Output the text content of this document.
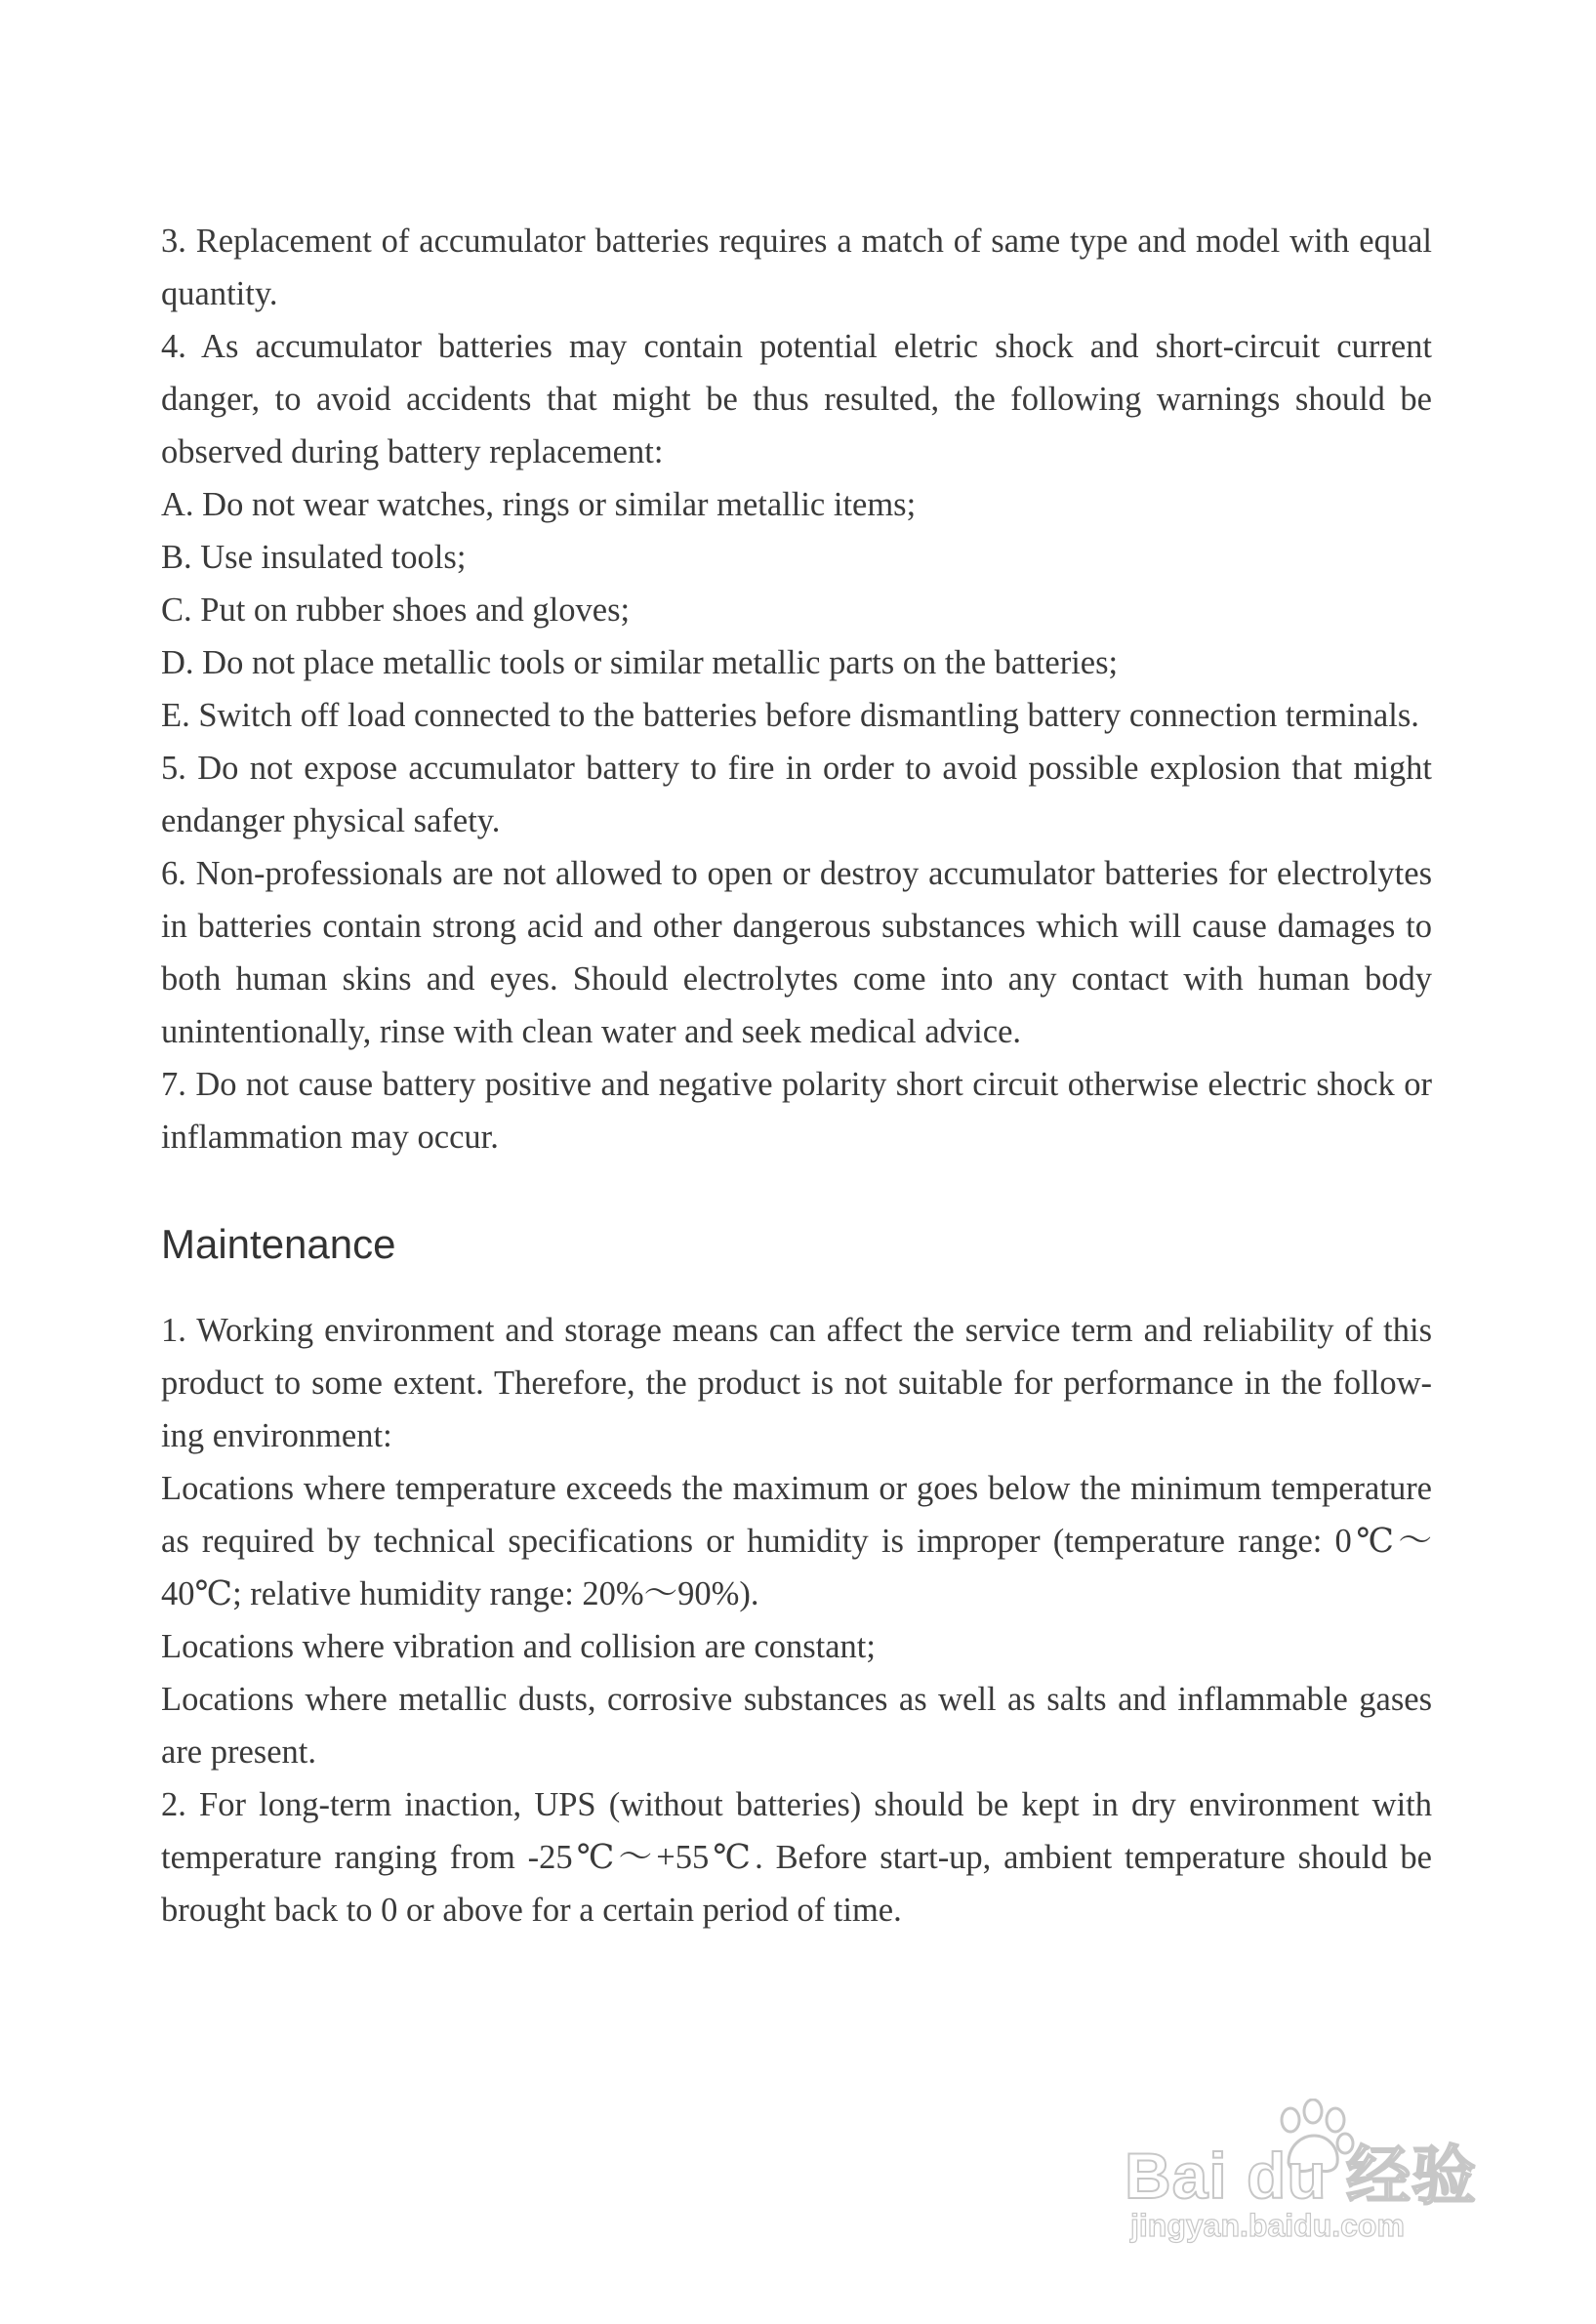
3. Replacement of accumulator batteries requires a match of same type and model with equal quantity.

4. As accumulator batteries may contain potential eletric shock and short-circuit current danger, to avoid accidents that might be thus resulted, the following warnings should be observed during battery replacement:

A. Do not wear watches, rings or similar metallic items;

B. Use insulated tools;

C. Put on rubber shoes and gloves;

D. Do not place metallic tools or similar metallic parts on the batteries;

E. Switch off load connected to the batteries before dismantling battery connection terminals.

5. Do not expose accumulator battery to fire in order to avoid possible explosion that might endanger physical safety.

6. Non-professionals are not allowed to open or destroy accumulator batteries for electrolytes in batteries contain strong acid and other dangerous substances which will cause damages to both human skins and eyes. Should electrolytes come into any contact with human body unintentionally, rinse with clean water and seek medical advice.

7. Do not cause battery positive and negative polarity short circuit otherwise electric shock or inflammation may occur.

Maintenance

1. Working environment and storage means can affect the service term and reliability of this product to some extent. Therefore, the product is not suitable for performance in the following environment:

Locations where temperature exceeds the maximum or goes below the minimum temperature as required by technical specifications or humidity is improper (temperature range: 0℃～40℃; relative humidity range: 20%～90%).

Locations where vibration and collision are constant;

Locations where metallic dusts, corrosive substances as well as salts and inflammable gases are present.

2. For long-term inaction, UPS (without batteries) should be kept in dry environment with temperature ranging from -25℃～+55℃. Before start-up, ambient temperature should be brought back to 0 or above for a certain period of time.

Bai du 经验
jingyan.baidu.com
